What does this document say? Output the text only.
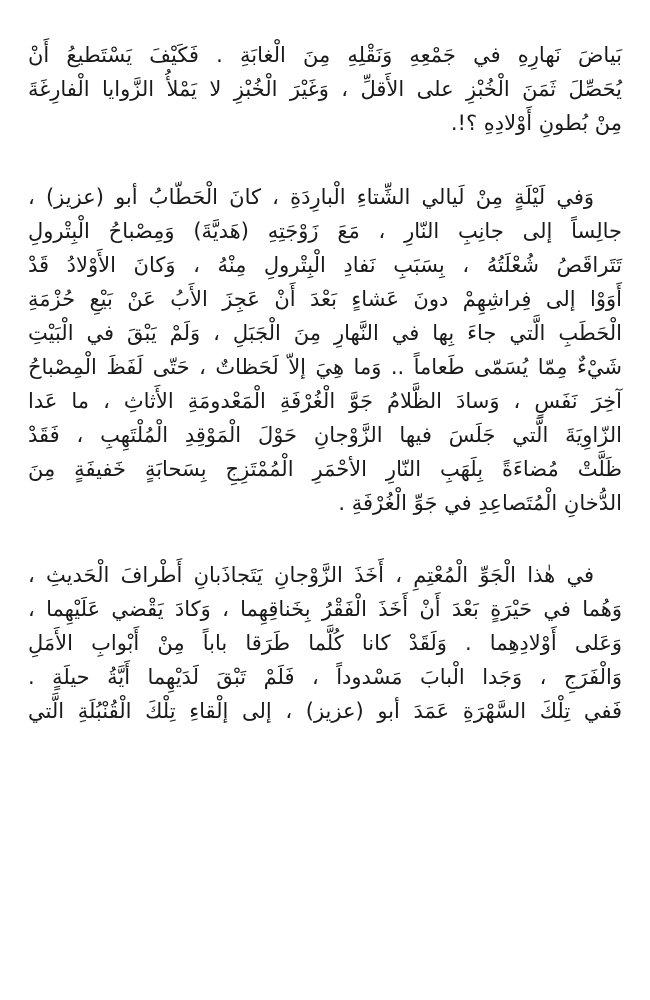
بَياضَ نَهارِهِ في جَمْعِهِ وَنَقْلِهِ مِنَ الْغابَةِ . فَكَيْفَ يَسْتَطيعُ أَنْ
يُحَصِّلَ ثَمَنَ الْخُبْزِ على الأَقلِّ ، وَغَيْرَ الْخُبْزِ لا يَمْلأُ الزَّوايا الْفارِغَةَ
مِنْ بُطونِ أَوْلادِهِ ؟!.
وَفي لَيْلَةٍ مِنْ لَيالي الشِّتاءِ الْبارِدَةِ ، كانَ الْحَطّابُ أبو (عزيز) ،
جالِساً إلى جانِبِ النّارِ ، مَعَ زَوْجَتِهِ (هَديَّةَ) وَمِصْباحُ الْبِتْرولِ
تَتَراقَصُ شُعْلَتُهُ ، بِسَبَبِ نَفادِ الْبِتْرولِ مِنْهُ ، وَكانَ الأَوْلادُ قَدْ
أَوَوْا إلى فِراشِهِمْ دونَ عَشاءٍ بَعْدَ أَنْ عَجِزَ الأَبُ عَنْ بَيْعِ حُزْمَةِ
الْحَطَبِ الَّتي جاءَ بِها في النَّهارِ مِنَ الْجَبَلِ ، وَلَمْ يَبْقَ في الْبَيْتِ
شَيْءٌ مِمّا يُسَمّى طَعاماً .. وَما هِيَ إلاّ لَحَظاتٌ ، حَتّى لَفَظَ الْمِصْباحُ
آخِرَ نَفَسٍ ، وَسادَ الظَّلامُ جَوَّ الْغُرْفَةِ الْمَعْدومَةِ الأَثاثِ ، ما عَدا
الزّاوِيَةَ الَّتي جَلَسَ فيها الزَّوْجانِ حَوْلَ الْمَوْقِدِ الْمُلْتَهِبِ ، فَقَدْ
ظَلَّتْ مُضاءَةً بِلَهَبِ النّارِ الأحْمَرِ الْمُمْتَزِجِ بِسَحابَةٍ خَفيفَةٍ مِنَ
الدُّخانِ الْمُتَصاعِدِ في جَوِّ الْغُرْفَةِ .
في هٰذا الْجَوِّ الْمُعْتِمِ ، أَخَذَ الزَّوْجانِ يَتَجاذَبانِ أَطْرافَ الْحَديثِ ،
وَهُما في حَيْرَةٍ بَعْدَ أَنْ أَخَذَ الْفَقْرُ بِخَناقِهِما ، وَكادَ يَقْضي عَلَيْهِما ،
وَعَلى أَوْلادِهِما . وَلَقَدْ كانا كُلَّما طَرَقا باباً مِنْ أَبْوابِ الأَمَلِ
وَالْفَرَجِ ، وَجَدا الْبابَ مَسْدوداً ، فَلَمْ تَبْقَ لَدَيْهِما أَيَّةُ حيلَةٍ .
فَفي تِلْكَ السَّهْرَةِ عَمَدَ أبو (عزيز) ، إلى إلْقاءِ تِلْكَ الْقُنْبُلَةِ الَّتي
